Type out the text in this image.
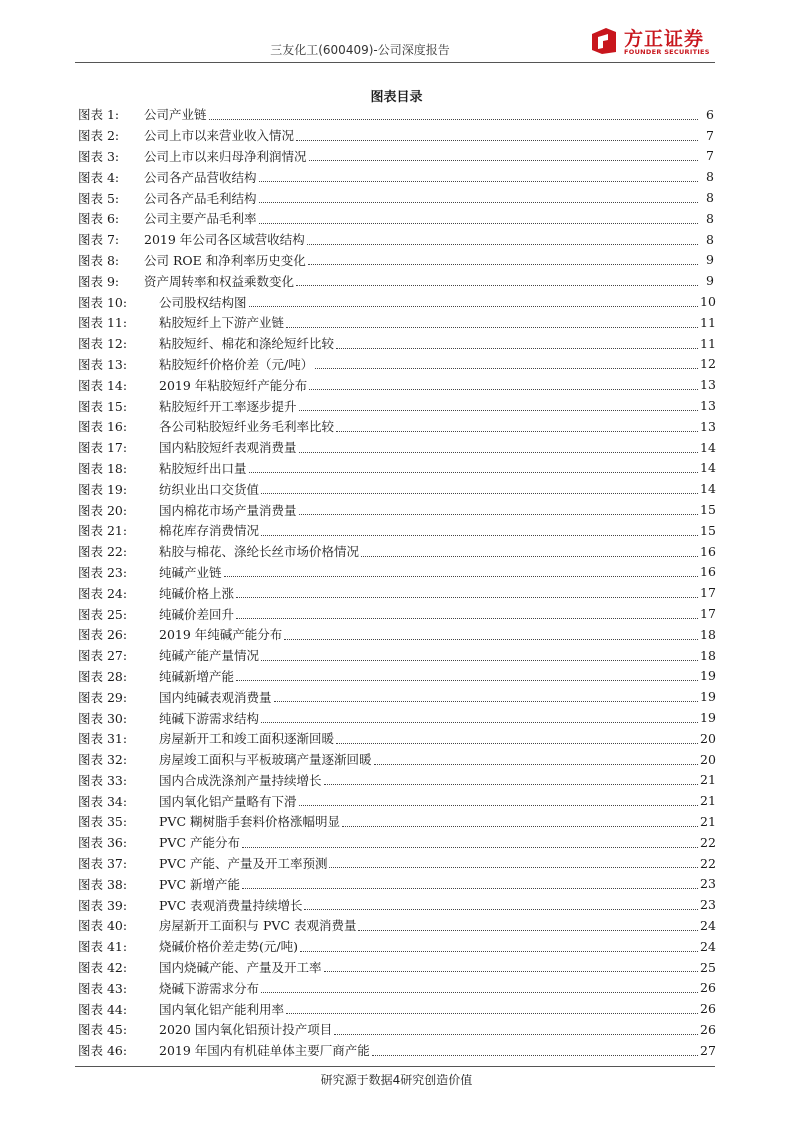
三友化工(600409)-公司深度报告	方正证券
FOUNDER SECURITIES
图表目录
图表 1:	公司产业链	6
图表 2:	公司上市以来营业收入情况	7
图表 3:	公司上市以来归母净利润情况	7
图表 4:	公司各产品营收结构	8
图表 5:	公司各产品毛利结构	8
图表 6:	公司主要产品毛利率	8
图表 7:	2019 年公司各区域营收结构	8
图表 8:	公司 ROE 和净利率历史变化	9
图表 9:	资产周转率和权益乘数变化	9
图表 10:	公司股权结构图	10
图表 11:	粘胶短纤上下游产业链	11
图表 12:	粘胶短纤、棉花和涤纶短纤比较	11
图表 13:	粘胶短纤价格价差（元/吨）	12
图表 14:	2019 年粘胶短纤产能分布	13
图表 15:	粘胶短纤开工率逐步提升	13
图表 16:	各公司粘胶短纤业务毛利率比较	13
图表 17:	国内粘胶短纤表观消费量	14
图表 18:	粘胶短纤出口量	14
图表 19:	纺织业出口交货值	14
图表 20:	国内棉花市场产量消费量	15
图表 21:	棉花库存消费情况	15
图表 22:	粘胶与棉花、涤纶长丝市场价格情况	16
图表 23:	纯碱产业链	16
图表 24:	纯碱价格上涨	17
图表 25:	纯碱价差回升	17
图表 26:	2019 年纯碱产能分布	18
图表 27:	纯碱产能产量情况	18
图表 28:	纯碱新增产能	19
图表 29:	国内纯碱表观消费量	19
图表 30:	纯碱下游需求结构	19
图表 31:	房屋新开工和竣工面积逐渐回暖	20
图表 32:	房屋竣工面积与平板玻璃产量逐渐回暖	20
图表 33:	国内合成洗涤剂产量持续增长	21
图表 34:	国内氧化铝产量略有下滑	21
图表 35:	PVC 糊树脂手套料价格涨幅明显	21
图表 36:	PVC 产能分布	22
图表 37:	PVC 产能、产量及开工率预测	22
图表 38:	PVC 新增产能	23
图表 39:	PVC 表观消费量持续增长	23
图表 40:	房屋新开工面积与 PVC 表观消费量	24
图表 41:	烧碱价格价差走势(元/吨)	24
图表 42:	国内烧碱产能、产量及开工率	25
图表 43:	烧碱下游需求分布	26
图表 44:	国内氧化铝产能利用率	26
图表 45:	2020 国内氧化铝预计投产项目	26
图表 46:	2019 年国内有机硅单体主要厂商产能	27
研究源于数据4研究创造价值
